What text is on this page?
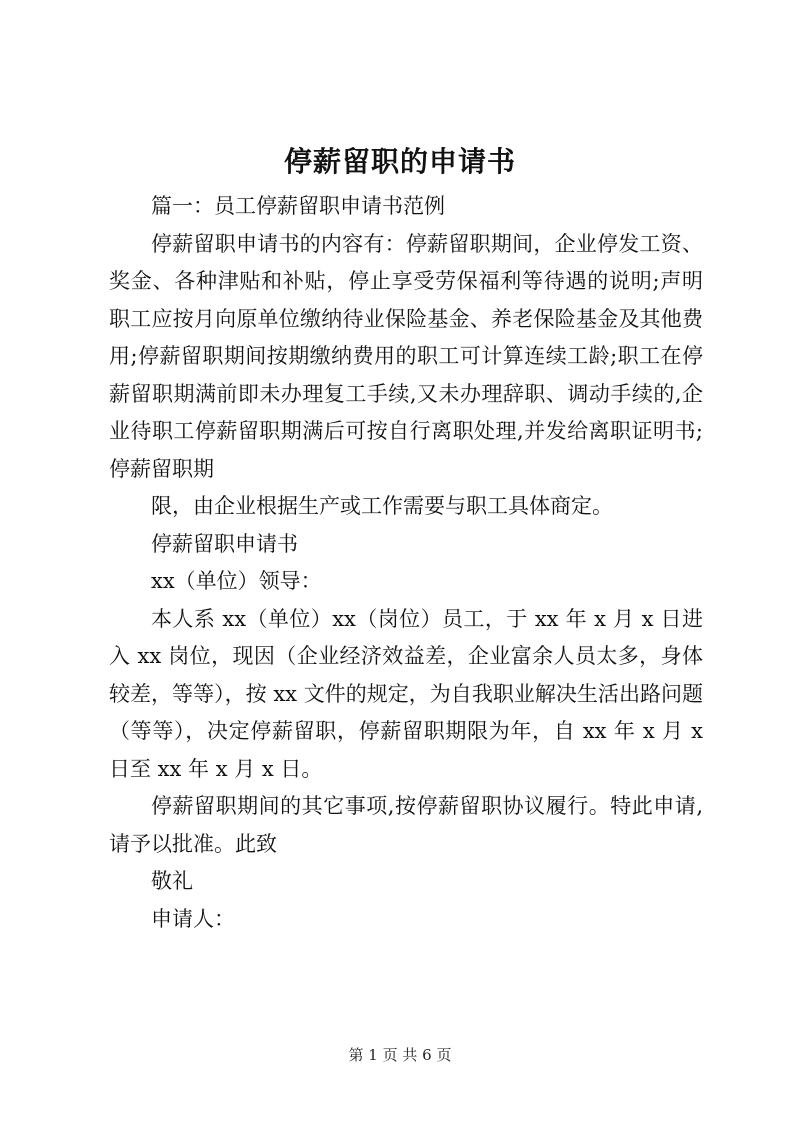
停薪留职的申请书

篇一：员工停薪留职申请书范例

停薪留职申请书的内容有：停薪留职期间，企业停发工资、奖金、各种津贴和补贴，停止享受劳保福利等待遇的说明;声明职工应按月向原单位缴纳待业保险基金、养老保险基金及其他费用;停薪留职期间按期缴纳费用的职工可计算连续工龄;职工在停薪留职期满前即未办理复工手续,又未办理辞职、调动手续的,企业待职工停薪留职期满后可按自行离职处理,并发给离职证明书;停薪留职期

限，由企业根据生产或工作需要与职工具体商定。

停薪留职申请书

xx（单位）领导：

本人系 xx（单位）xx（岗位）员工，于 xx 年 x 月 x 日进入 xx 岗位，现因（企业经济效益差，企业富余人员太多，身体较差，等等），按 xx 文件的规定，为自我职业解决生活出路问题（等等），决定停薪留职，停薪留职期限为年，自 xx 年 x 月 x 日至 xx 年 x 月 x 日。

停薪留职期间的其它事项,按停薪留职协议履行。特此申请,请予以批准。此致

敬礼

申请人：

第 1 页 共 6 页
